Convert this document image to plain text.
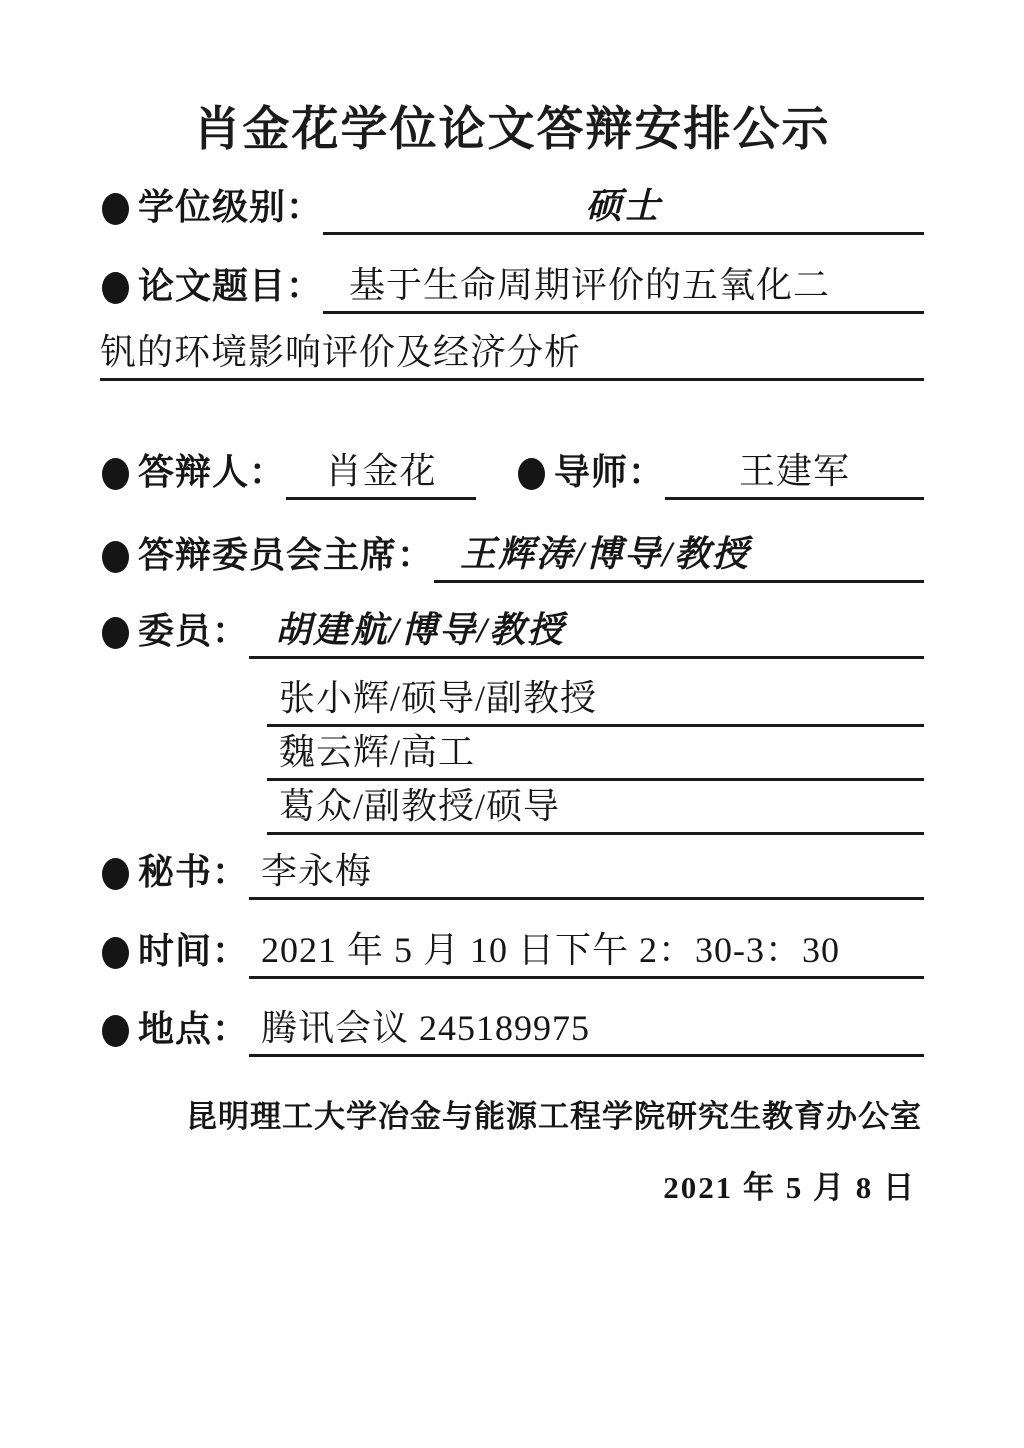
肖金花学位论文答辩安排公示
学位级别：	硕士
论文题目： 基于生命周期评价的五氧化二
钒的环境影响评价及经济分析
答辩人：	肖金花	导师：	王建军
答辩委员会主席： 王辉涛/博导/教授
委员： 胡建航/博导/教授
张小辉/硕导/副教授
魏云辉/高工
葛众/副教授/硕导
秘书： 李永梅
时间： 2021 年 5 月 10 日下午 2：30-3：30
地点： 腾讯会议 245189975
昆明理工大学冶金与能源工程学院研究生教育办公室
2021 年 5 月 8 日
